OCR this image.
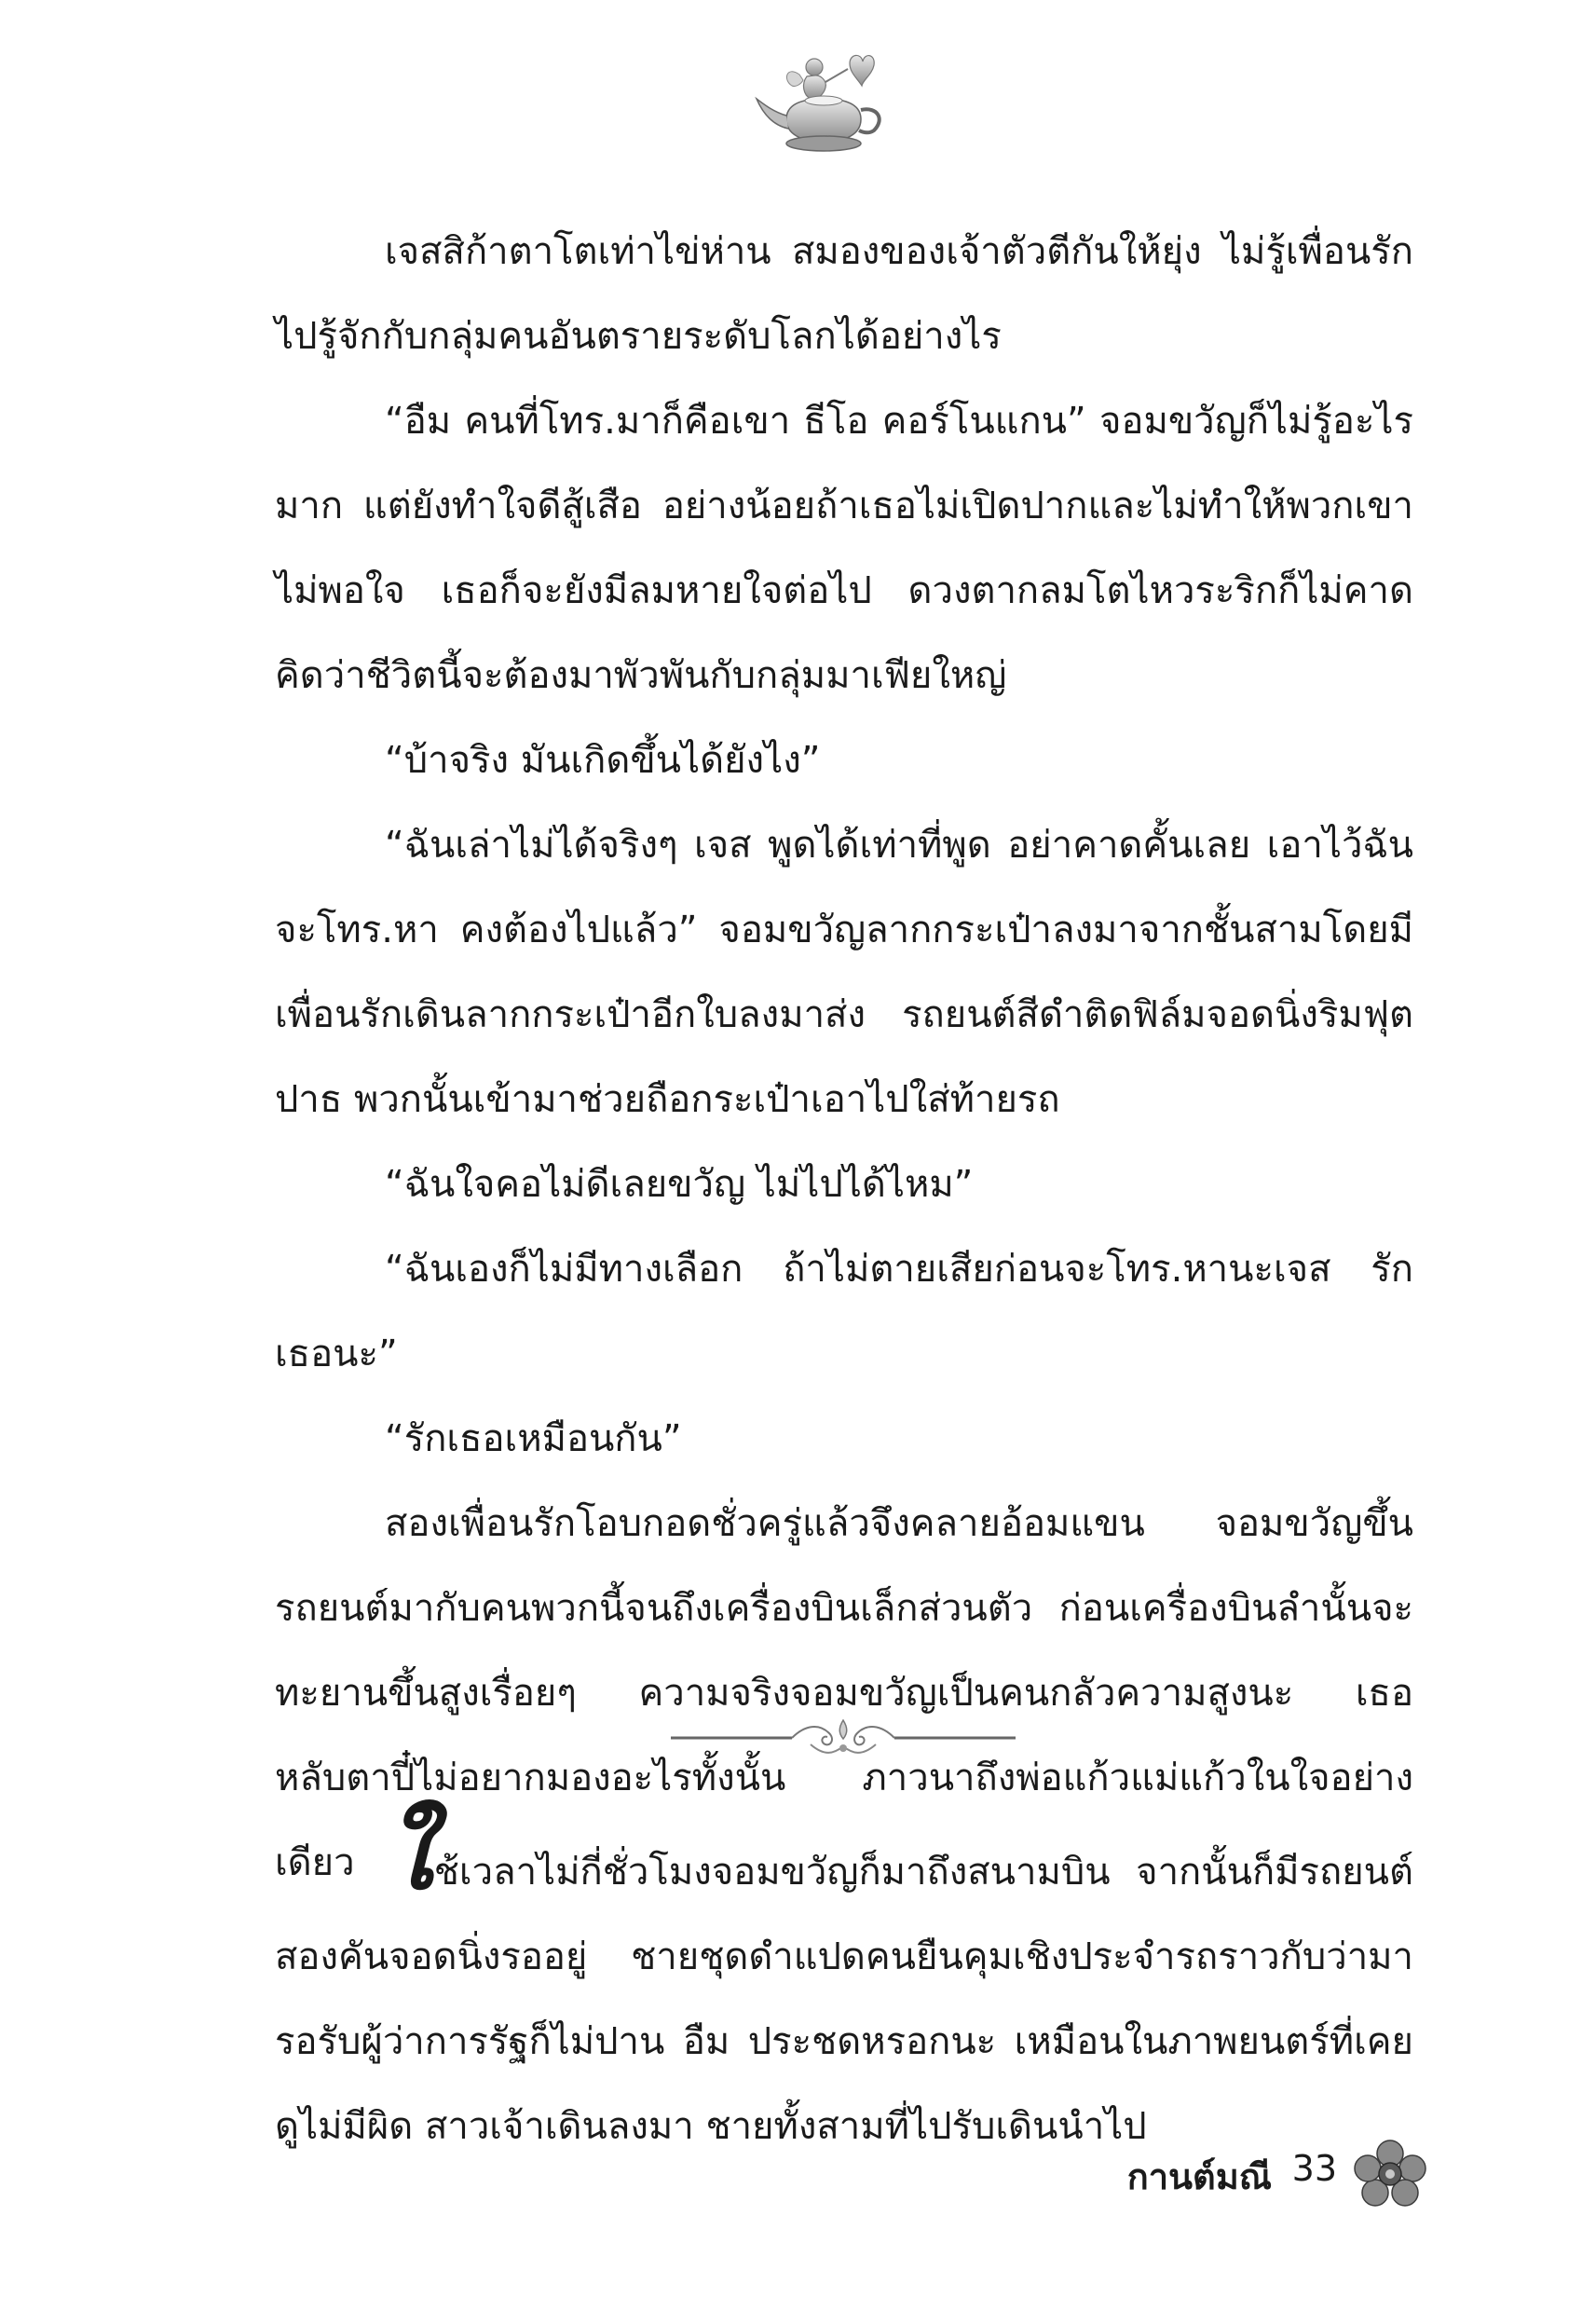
เจสสิก้าตาโตเท่าไข่ห่าน สมองของเจ้าตัวตีกันให้ยุ่ง ไม่รู้เพื่อนรักไปรู้จักกับกลุ่มคนอันตรายระดับโลกได้อย่างไร

“อืม คนที่โทร.มาก็คือเขา ธีโอ คอร์โนแกน” จอมขวัญก็ไม่รู้อะไรมาก แต่ยังทำใจดีสู้เสือ อย่างน้อยถ้าเธอไม่เปิดปากและไม่ทำให้พวกเขาไม่พอใจ เธอก็จะยังมีลมหายใจต่อไป ดวงตากลมโตไหวระริกก็ไม่คาดคิดว่าชีวิตนี้จะต้องมาพัวพันกับกลุ่มมาเฟียใหญ่

“บ้าจริง มันเกิดขึ้นได้ยังไง”

“ฉันเล่าไม่ได้จริงๆ เจส พูดได้เท่าที่พูด อย่าคาดคั้นเลย เอาไว้ฉันจะโทร.หา คงต้องไปแล้ว” จอมขวัญลากกระเป๋าลงมาจากชั้นสามโดยมีเพื่อนรักเดินลากกระเป๋าอีกใบลงมาส่ง รถยนต์สีดำติดฟิล์มจอดนิ่งริมฟุตปาธ พวกนั้นเข้ามาช่วยถือกระเป๋าเอาไปใส่ท้ายรถ

“ฉันใจคอไม่ดีเลยขวัญ ไม่ไปได้ไหม”

“ฉันเองก็ไม่มีทางเลือก ถ้าไม่ตายเสียก่อนจะโทร.หานะเจส รักเธอนะ”

“รักเธอเหมือนกัน”

สองเพื่อนรักโอบกอดชั่วครู่แล้วจึงคลายอ้อมแขน จอมขวัญขึ้นรถยนต์มากับคนพวกนี้จนถึงเครื่องบินเล็กส่วนตัว ก่อนเครื่องบินลำนั้นจะทะยานขึ้นสูงเรื่อยๆ ความจริงจอมขวัญเป็นคนกลัวความสูงนะ เธอหลับตาปี๋ไม่อยากมองอะไรทั้งนั้น ภาวนาถึงพ่อแก้วแม่แก้วในใจอย่างเดียว ใช้เวลาไม่กี่ชั่วโมงจอมขวัญก็มาถึงสนามบิน จากนั้นก็มีรถยนต์สองคันจอดนิ่งรออยู่ ชายชุดดำแปดคนยืนคุมเชิงประจำรถราวกับว่ามารอรับผู้ว่าการรัฐก็ไม่ปาน อืม ประชดหรอกนะ เหมือนในภาพยนตร์ที่เคยดูไม่มีผิด สาวเจ้าเดินลงมา ชายทั้งสามที่ไปรับเดินนำไป

กานต์มณี 33
